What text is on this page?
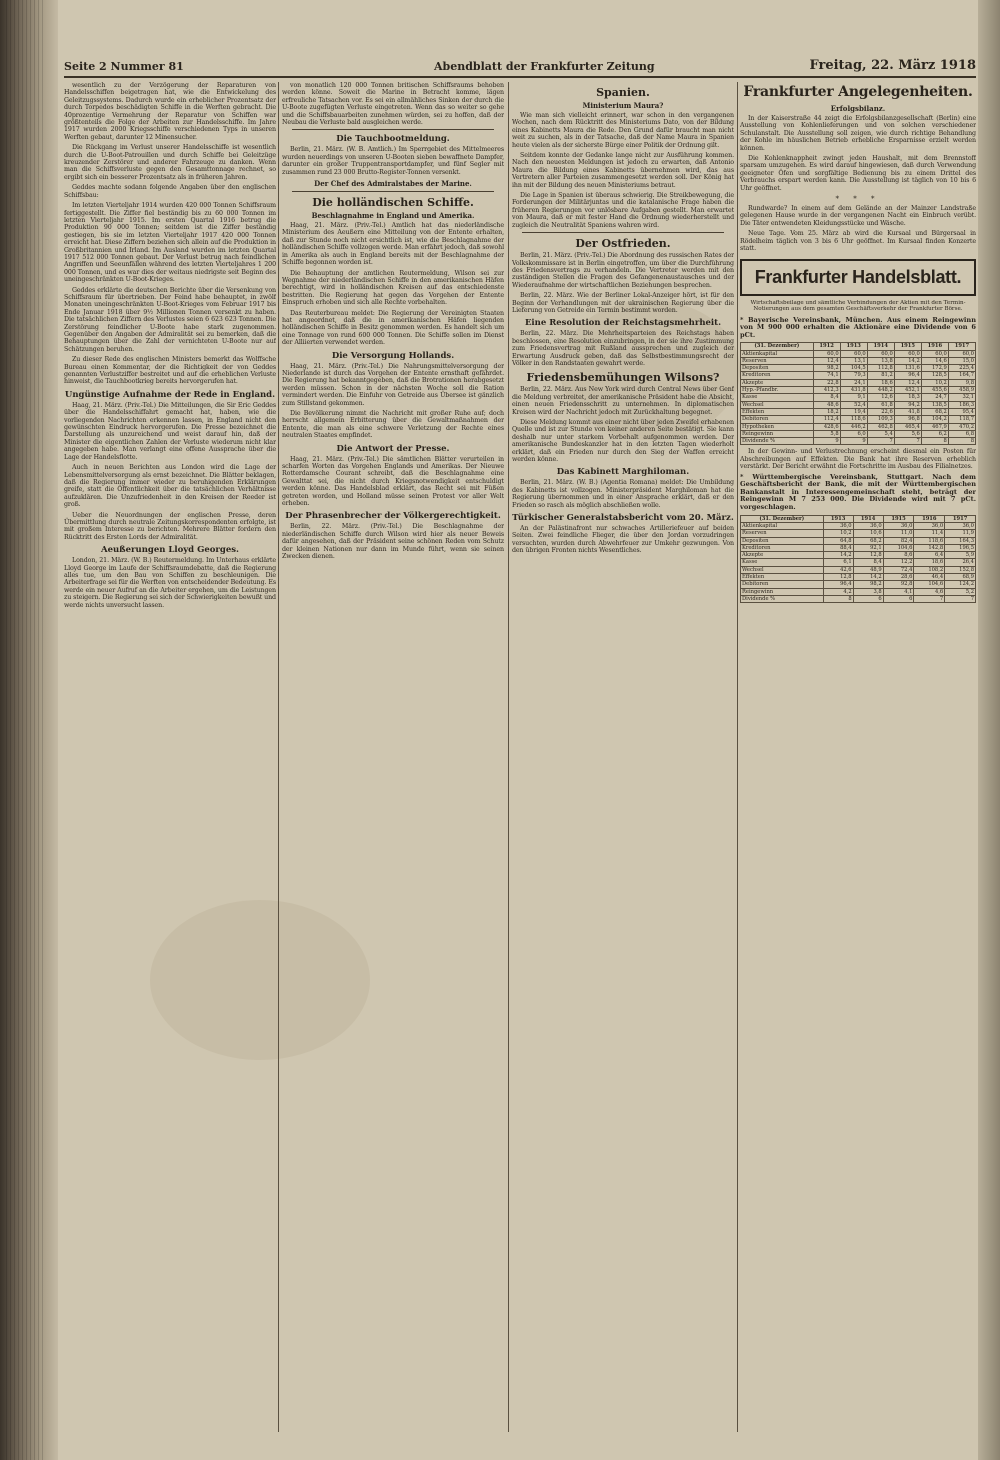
Seite 2 Nummer 81	Abendblatt der Frankfurter Zeitung	Freitag, 22. März 1918

wesentlich zu der Verzögerung der Reparaturen von Handelsschiffen beigetragen hat, wie die Entwickelung des Geleitzugssystems. Dadurch wurde ein erheblicher Prozentsatz der durch Torpedos beschädigten Schiffe in die Werften gebracht. Die 40prozentige Vermehrung der Reparatur von Schiffen war größtenteils die Folge der Arbeiten zur Handelsschiffe. Im Jahre 1917 wurden 2000 Kriegsschiffe verschiedenen Typs in unseren Werften gebaut, darunter 12 Minensucher.

Die Rückgang im Verlust unserer Handelsschiffe ist wesentlich durch die U-Boot-Patrouillen und durch Schiffe bei Geleitzüge kreuzender Zerstörer und anderer Fahrzeuge zu danken. Wenn man die Schiffsverluste gegen den Gesamttonnage rechnet, so ergibt sich ein besserer Prozentsatz als in früheren Jahren.

Geddes machte sodann folgende Angaben über den englischen Schiffsbau:

Im letzten Vierteljahr 1914 wurden 420 000 Tonnen Schiffsraum fertiggestellt. Die Ziffer fiel beständig bis zu 60 000 Tonnen im letzten Vierteljahr 1915. Im ersten Quartal 1916 betrug die Produktion 90 000 Tonnen; seitdem ist die Ziffer beständig gestiegen, bis sie im letzten Vierteljahr 1917 420 000 Tonnen erreicht hat. Diese Ziffern beziehen sich allein auf die Produktion in Großbritannien und Irland. Im Ausland wurden im letzten Quartal 1917 512 000 Tonnen gebaut. Der Verlust betrug nach feindlichen Angriffen und Seeunfällen während des letzten Vierteljahres 1 200 000 Tonnen, und es war dies der weitaus niedrigste seit Beginn des uneingeschränkten U-Boot-Krieges.

Geddes erklärte die deutschen Berichte über die Versenkung von Schiffsraum für übertrieben. Der Feind habe behauptet, in zwölf Monaten uneingeschränkten U-Boot-Krieges vom Februar 1917 bis Ende Januar 1918 über 9½ Millionen Tonnen versenkt zu haben. Die tatsächlichen Ziffern des Verlustes seien 6 623 623 Tonnen. Die Zerstörung feindlicher U-Boote habe stark zugenommen. Gegenüber den Angaben der Admiralität sei zu bemerken, daß die Behauptungen über die Zahl der vernichteten U-Boote nur auf Schätzungen beruhen.

Zu dieser Rede des englischen Ministers bemerkt das Wolffsche Bureau einen Kommentar, der die Richtigkeit der von Geddes genannten Verlustziffer bestreitet und auf die erheblichen Verluste hinweist, die Tauchbootkrieg bereits hervorgerufen hat.

Ungünstige Aufnahme der Rede in England.

Haag, 21. März. (Priv.-Tel.) Die Mitteilungen, die Sir Eric Geddes über die Handelsschiffahrt gemacht hat, haben, wie die vorliegenden Nachrichten erkennen lassen, in England nicht den gewünschten Eindruck hervorgerufen. Die Presse bezeichnet die Darstellung als unzureichend und weist darauf hin, daß der Minister die eigentlichen Zahlen der Verluste wiederum nicht klar angegeben habe. Man verlangt eine offene Aussprache über die Lage der Handelsflotte.

Auch in neuen Berichten aus London wird die Lage der Lebensmittelversorgung als ernst bezeichnet. Die Blätter beklagen, daß die Regierung immer wieder zu beruhigenden Erklärungen greife, statt die Öffentlichkeit über die tatsächlichen Verhältnisse aufzuklären. Die Unzufriedenheit in den Kreisen der Reeder ist groß.

Ueber die Neuordnungen der englischen Presse, deren Übermittlung durch neutrale Zeitungskorrespondenten erfolgte, ist mit großem Interesse zu berichten. Mehrere Blätter fordern den Rücktritt des Ersten Lords der Admiralität.

Aeußerungen Lloyd Georges.

London, 21. März. (W. B.) Reutermeldung. Im Unterhaus erklärte Lloyd George im Laufe der Schiffsraumdebatte, daß die Regierung alles tue, um den Bau von Schiffen zu beschleunigen. Die Arbeiterfrage sei für die Werften von entscheidender Bedeutung. Es werde ein neuer Aufruf an die Arbeiter ergehen, um die Leistungen zu steigern. Die Regierung sei sich der Schwierigkeiten bewußt und werde nichts unversucht lassen.

von monatlich 120 000 Tonnen britischen Schiffsraums behoben werden könne. Soweit die Marine in Betracht komme, lägen erfreuliche Tatsachen vor. Es sei ein allmähliches Sinken der durch die U-Boote zugefügten Verluste eingetreten. Wenn das so weiter so gehe und die Schiffsbauarbeiten zunehmen würden, sei zu hoffen, daß der Neubau die Verluste bald ausgleichen werde.

Die Tauchbootmeldung.

Berlin, 21. März. (W. B. Amtlich.) Im Sperrgebiet des Mittelmeeres wurden neuerdings von unseren U-Booten sieben bewaffnete Dampfer, darunter ein großer Truppentransportdampfer, und fünf Segler mit zusammen rund 23 000 Brutto-Register-Tonnen versenkt.

Der Chef des Admiralstabes der Marine.

Die holländischen Schiffe.
Beschlagnahme in England und Amerika.

Haag, 21. März. (Priv.-Tel.) Amtlich hat das niederländische Ministerium des Aeußern eine Mitteilung von der Entente erhalten, daß zur Stunde noch nicht ersichtlich ist, wie die Beschlagnahme der holländischen Schiffe vollzogen werde. Man erfährt jedoch, daß sowohl in Amerika als auch in England bereits mit der Beschlagnahme der Schiffe begonnen worden ist.

Die Behauptung der amtlichen Reutermeldung, Wilson sei zur Wegnahme der niederländischen Schiffe in den amerikanischen Häfen berechtigt, wird in holländischen Kreisen auf das entschiedenste bestritten. Die Regierung hat gegen das Vorgehen der Entente Einspruch erhoben und sich alle Rechte vorbehalten.

Das Reuterbureau meldet: Die Regierung der Vereinigten Staaten hat angeordnet, daß die in amerikanischen Häfen liegenden holländischen Schiffe in Besitz genommen werden. Es handelt sich um eine Tonnage von rund 600 000 Tonnen. Die Schiffe sollen im Dienst der Alliierten verwendet werden.

Die Versorgung Hollands.

Haag, 21. März. (Priv.-Tel.) Die Nahrungsmittelversorgung der Niederlande ist durch das Vorgehen der Entente ernsthaft gefährdet. Die Regierung hat bekanntgegeben, daß die Brotrationen herabgesetzt werden müssen. Schon in der nächsten Woche soll die Ration vermindert werden. Die Einfuhr von Getreide aus Übersee ist gänzlich zum Stillstand gekommen.

Die Bevölkerung nimmt die Nachricht mit großer Ruhe auf; doch herrscht allgemein Erbitterung über die Gewaltmaßnahmen der Entente, die man als eine schwere Verletzung der Rechte eines neutralen Staates empfindet.

Die Antwort der Presse.

Haag, 21. März. (Priv.-Tel.) Die sämtlichen Blätter verurteilen in scharfen Worten das Vorgehen Englands und Amerikas. Der Nieuwe Rotterdamsche Courant schreibt, daß die Beschlagnahme eine Gewalttat sei, die nicht durch Kriegsnotwendigkeit entschuldigt werden könne. Das Handelsblad erklärt, das Recht sei mit Füßen getreten worden, und Holland müsse seinen Protest vor aller Welt erheben.

Der Phrasenbrecher der Völkergerechtigkeit.

Berlin, 22. März. (Priv.-Tel.) Die Beschlagnahme der niederländischen Schiffe durch Wilson wird hier als neuer Beweis dafür angesehen, daß der Präsident seine schönen Reden vom Schutz der kleinen Nationen nur dann im Munde führt, wenn sie seinen Zwecken dienen.

Spanien.
Ministerium Maura?

Wie man sich vielleicht erinnert, war schon in den vergangenen Wochen, nach dem Rücktritt des Ministeriums Dato, von der Bildung eines Kabinetts Maura die Rede. Den Grund dafür braucht man nicht weit zu suchen, als in der Tatsache, daß der Name Maura in Spanien heute vielen als der sicherste Bürge einer Politik der Ordnung gilt.

Seitdem konnte der Gedanke lange nicht zur Ausführung kommen. Nach den neuesten Meldungen ist jedoch zu erwarten, daß Antonio Maura die Bildung eines Kabinetts übernehmen wird, das aus Vertretern aller Parteien zusammengesetzt werden soll. Der König hat ihn mit der Bildung des neuen Ministeriums betraut.

Die Lage in Spanien ist überaus schwierig. Die Streikbewegung, die Forderungen der Militärjuntas und die katalanische Frage haben die früheren Regierungen vor unlösbare Aufgaben gestellt. Man erwartet von Maura, daß er mit fester Hand die Ordnung wiederherstellt und zugleich die Neutralität Spaniens wahren wird.

Der Ostfrieden.

Berlin, 21. März. (Priv.-Tel.) Die Abordnung des russischen Rates der Volkskommissare ist in Berlin eingetroffen, um über die Durchführung des Friedensvertrags zu verhandeln. Die Vertreter werden mit den zuständigen Stellen die Fragen des Gefangenenaustausches und der Wiederaufnahme der wirtschaftlichen Beziehungen besprechen.

Berlin, 22. März. Wie der Berliner Lokal-Anzeiger hört, ist für den Beginn der Verhandlungen mit der ukrainischen Regierung über die Lieferung von Getreide ein Termin bestimmt worden.

Eine Resolution der Reichstagsmehrheit.

Berlin, 22. März. Die Mehrheitsparteien des Reichstags haben beschlossen, eine Resolution einzubringen, in der sie ihre Zustimmung zum Friedensvertrag mit Rußland aussprechen und zugleich der Erwartung Ausdruck geben, daß das Selbstbestimmungsrecht der Völker in den Randstaaten gewahrt werde.

Friedensbemühungen Wilsons?

Berlin, 22. März. Aus New York wird durch Central News über Genf die Meldung verbreitet, der amerikanische Präsident habe die Absicht, einen neuen Friedensschritt zu unternehmen. In diplomatischen Kreisen wird der Nachricht jedoch mit Zurückhaltung begegnet.

Diese Meldung kommt aus einer nicht über jeden Zweifel erhabenen Quelle und ist zur Stunde von keiner anderen Seite bestätigt. Sie kann deshalb nur unter starkem Vorbehalt aufgenommen werden. Der amerikanische Bundeskanzler hat in den letzten Tagen wiederholt erklärt, daß ein Frieden nur durch den Sieg der Waffen erreicht werden könne.

Das Kabinett Marghiloman.

Berlin, 21. März. (W. B.) (Agentia Romana) meldet: Die Umbildung des Kabinetts ist vollzogen. Ministerpräsident Marghiloman hat die Regierung übernommen und in einer Ansprache erklärt, daß er den Frieden so rasch als möglich abschließen wolle.

Türkischer Generalstabsbericht vom 20. März.

An der Palästinafront nur schwaches Artilleriefeuer auf beiden Seiten. Zwei feindliche Flieger, die über den Jordan vorzudringen versuchten, wurden durch Abwehrfeuer zur Umkehr gezwungen. Von den übrigen Fronten nichts Wesentliches.

Frankfurter Angelegenheiten.
Erfolgsbilanz.

In der Kaiserstraße 44 zeigt die Erfolgsbilanzgesellschaft (Berlin) eine Ausstellung von Kohlenlieferungen und von solchen verschiedener Schulanstalt. Die Ausstellung soll zeigen, wie durch richtige Behandlung der Kohle im häuslichen Betrieb erhebliche Ersparnisse erzielt werden können.

Die Kohlenknappheit zwingt jeden Haushalt, mit dem Brennstoff sparsam umzugehen. Es wird darauf hingewiesen, daß durch Verwendung geeigneter Öfen und sorgfältige Bedienung bis zu einem Drittel des Verbrauchs erspart werden kann. Die Ausstellung ist täglich von 10 bis 6 Uhr geöffnet.

* * *

Rundwarde? In einem auf dem Gelände an der Mainzer Landstraße gelegenen Hause wurde in der vergangenen Nacht ein Einbruch verübt. Die Täter entwendeten Kleidungsstücke und Wäsche.

Neue Tage. Vom 25. März ab wird die Kursaal und Bürgersaal in Rödelheim täglich von 3 bis 6 Uhr geöffnet. Im Kursaal finden Konzerte statt.

Frankfurter Handelsblatt.

Wirtschaftsbeilage und sämtliche Verbindungen der Aktien mit den Termin-Notierungen aus dem gesamten Geschäftsverkehr der Frankfurter Börse.

* Bayerische Vereinsbank, München. Aus einem Reingewinn von M 900 000 erhalten die Aktionäre eine Dividende von 6 pCt.

(31. Dezember)	1912	1913	1914	1915	1916	1917
Aktienkapital	60,0	60,0	60,0	60,0	60,0	60,0
Reserven	12,4	13,1	13,8	14,2	14,6	15,0
Depositen	98,2	104,5	112,8	131,6	172,9	225,4
Kreditoren	74,1	79,3	81,2	96,4	128,5	164,7
Akzepte	22,8	24,1	18,6	12,4	10,2	9,8
Hyp.-Pfandbr.	412,3	431,8	448,2	452,1	455,6	458,9
Kasse	8,4	9,1	12,6	18,3	24,7	32,1
Wechsel	48,6	52,4	61,8	94,2	138,5	186,3
Effekten	18,2	19,4	22,6	41,8	68,2	95,4
Debitoren	112,4	118,6	109,3	96,8	104,2	118,7
Hypotheken	428,6	446,2	462,8	465,4	467,9	470,2
Reingewinn	5,8	6,0	5,4	5,6	6,2	6,8
Dividende %	9	9	7	7	8	8

In der Gewinn- und Verlustrechnung erscheint diesmal ein Posten für Abschreibungen auf Effekten. Die Bank hat ihre Reserven erheblich verstärkt. Der Bericht erwähnt die Fortschritte im Ausbau des Filialnetzes.

* Württembergische Vereinsbank, Stuttgart. Nach dem Geschäftsbericht der Bank, die mit der Württembergischen Bankanstalt in Interessengemeinschaft steht, beträgt der Reingewinn M 7 253 000. Die Dividende wird mit 7 pCt. vorgeschlagen.

(31. Dezember)	1913	1914	1915	1916	1917
Aktienkapital	36,0	36,0	36,0	36,0	36,0
Reserven	10,2	10,6	11,0	11,4	11,9
Depositen	64,8	68,2	82,4	118,6	164,3
Kreditoren	88,4	92,1	104,6	142,8	196,5
Akzepte	14,2	12,8	8,6	6,4	5,9
Kasse	6,1	8,4	12,2	18,6	26,4
Wechsel	42,6	48,9	72,4	108,2	152,8
Effekten	12,8	14,2	28,6	46,4	68,9
Debitoren	96,4	98,2	92,8	104,6	124,2
Reingewinn	4,2	3,8	4,1	4,6	5,2
Dividende %	8	6	6	7	7
